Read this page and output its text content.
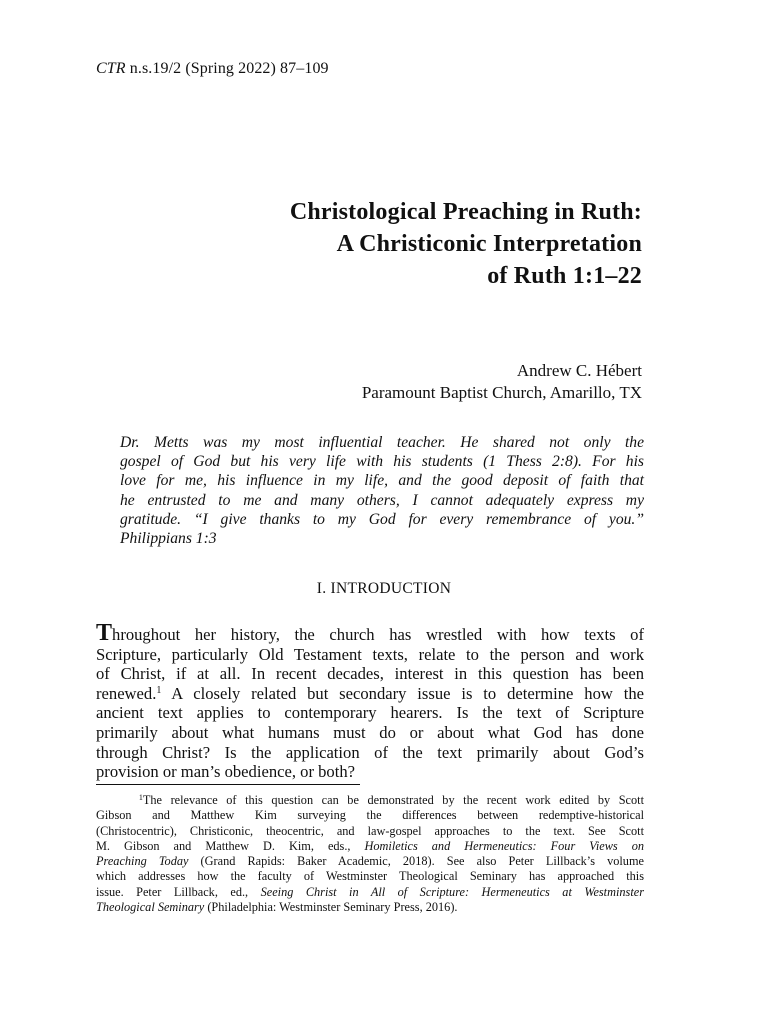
CTR n.s.19/2 (Spring 2022) 87–109
Christological Preaching in Ruth:
A Christiconic Interpretation
of Ruth 1:1–22
Andrew C. Hébert
Paramount Baptist Church, Amarillo, TX
Dr. Metts was my most influential teacher. He shared not only the
gospel of God but his very life with his students (1 Thess 2:8). For his
love for me, his influence in my life, and the good deposit of faith that
he entrusted to me and many others, I cannot adequately express my
gratitude. “I give thanks to my God for every remembrance of you.”
Philippians 1:3
I. INTRODUCTION
Throughout her history, the church has wrestled with how texts of
Scripture, particularly Old Testament texts, relate to the person and work
of Christ, if at all. In recent decades, interest in this question has been
renewed.$^1$ A closely related but secondary issue is to determine how the
ancient text applies to contemporary hearers. Is the text of Scripture
primarily about what humans must do or about what God has done
through Christ? Is the application of the text primarily about God’s
provision or man’s obedience, or both?
$^1$The relevance of this question can be demonstrated by the recent work edited by Scott
Gibson and Matthew Kim surveying the differences between redemptive-historical
(Christocentric), Christiconic, theocentric, and law-gospel approaches to the text. See Scott
M. Gibson and Matthew D. Kim, eds., Homiletics and Hermeneutics: Four Views on
Preaching Today (Grand Rapids: Baker Academic, 2018). See also Peter Lillback’s volume
which addresses how the faculty of Westminster Theological Seminary has approached this
issue. Peter Lillback, ed., Seeing Christ in All of Scripture: Hermeneutics at Westminster
Theological Seminary (Philadelphia: Westminster Seminary Press, 2016).
